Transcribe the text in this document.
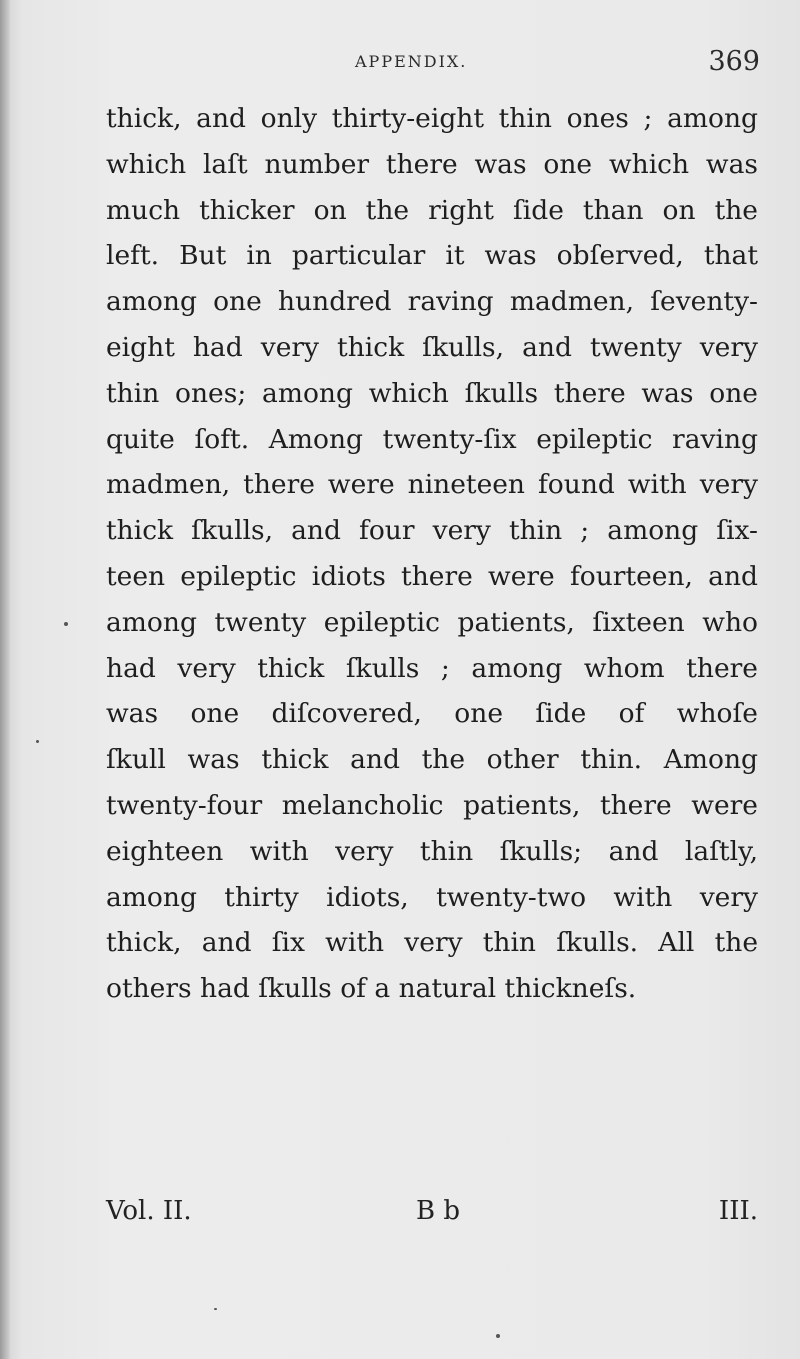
APPENDIX.	369
thick, and only thirty-eight thin ones ; among
which laſt number there was one which was
much thicker on the right ſide than on the
left. But in particular it was obſerved, that
among one hundred raving madmen, ſeventy-
eight had very thick ſkulls, and twenty very
thin ones; among which ſkulls there was one
quite ſoft. Among twenty-ſix epileptic raving
madmen, there were nineteen found with very
thick ſkulls, and four very thin ; among ſix-
teen epileptic idiots there were fourteen, and
among twenty epileptic patients, ſixteen who
had very thick ſkulls ; among whom there
was one diſcovered, one ſide of whoſe
ſkull was thick and the other thin. Among
twenty-four melancholic patients, there were
eighteen with very thin ſkulls; and laſtly,
among thirty idiots, twenty-two with very
thick, and ſix with very thin ſkulls. All the
others had ſkulls of a natural thickneſs.
Vol. II.	B b	III.
